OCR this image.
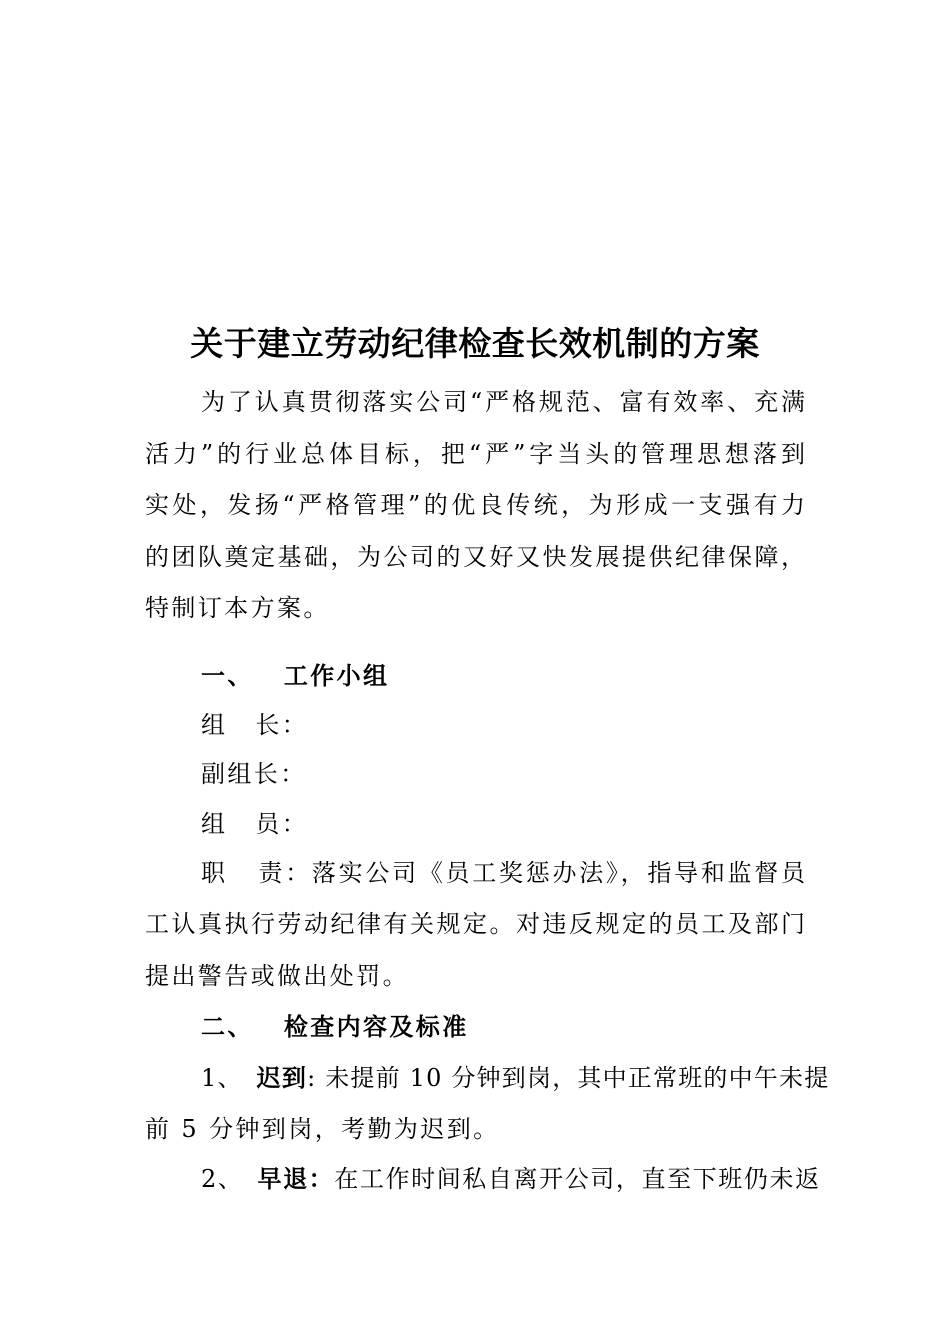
关于建立劳动纪律检查长效机制的方案
为了认真贯彻落实公司“严格规范、富有效率、充满
活力”的行业总体目标，把“严”字当头的管理思想落到
实处，发扬“严格管理”的优良传统，为形成一支强有力
的团队奠定基础，为公司的又好又快发展提供纪律保障，
特制订本方案。
一、 工作小组
组 长：
副组长：
组 员：
职 责：落实公司《员工奖惩办法》，指导和监督员
工认真执行劳动纪律有关规定。对违反规定的员工及部门
提出警告或做出处罚。
二、 检查内容及标准
1、 迟到: 未提前 10 分钟到岗，其中正常班的中午未提
前 5 分钟到岗，考勤为迟到。
2、 早退：在工作时间私自离开公司，直至下班仍未返
